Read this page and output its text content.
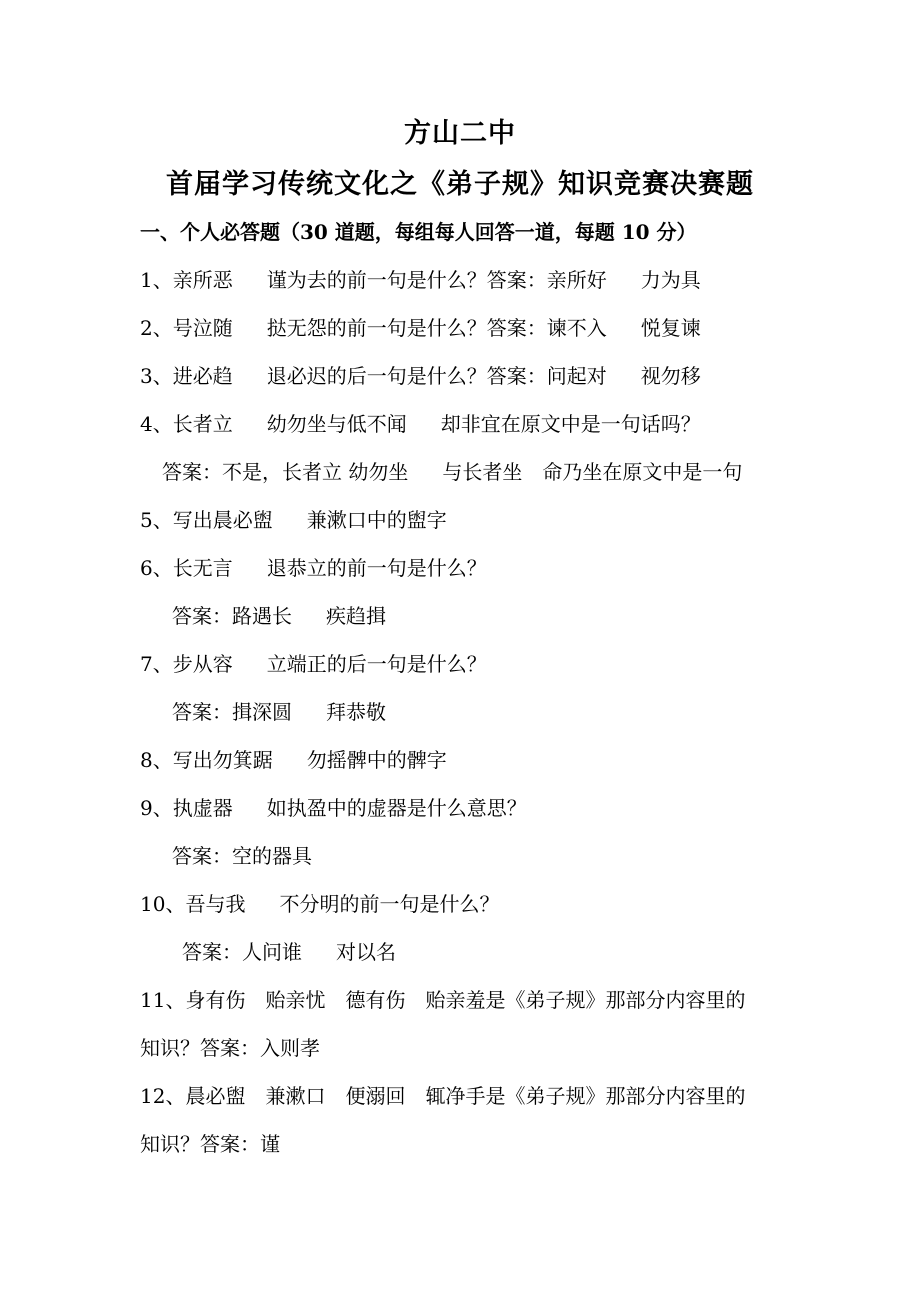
方山二中
首届学习传统文化之《弟子规》知识竞赛决赛题
一、个人必答题（30 道题，每组每人回答一道，每题 10 分）
1、亲所恶 谨为去的前一句是什么？答案：亲所好 力为具
2、号泣随 挞无怨的前一句是什么？答案：谏不入 悦复谏
3、进必趋 退必迟的后一句是什么？答案：问起对 视勿移
4、长者立 幼勿坐与低不闻 却非宜在原文中是一句话吗？
答案：不是，长者立 幼勿坐 与长者坐 命乃坐在原文中是一句
5、写出晨必盥 兼漱口中的盥字
6、长无言 退恭立的前一句是什么？
答案：路遇长 疾趋揖
7、步从容 立端正的后一句是什么？
答案：揖深圆 拜恭敬
8、写出勿箕踞 勿摇髀中的髀字
9、执虚器 如执盈中的虚器是什么意思？
答案：空的器具
10、吾与我 不分明的前一句是什么？
答案：人问谁 对以名
11、身有伤 贻亲忧 德有伤 贻亲羞是《弟子规》那部分内容里的
知识？答案：入则孝
12、晨必盥 兼漱口 便溺回 辄净手是《弟子规》那部分内容里的
知识？答案：谨
